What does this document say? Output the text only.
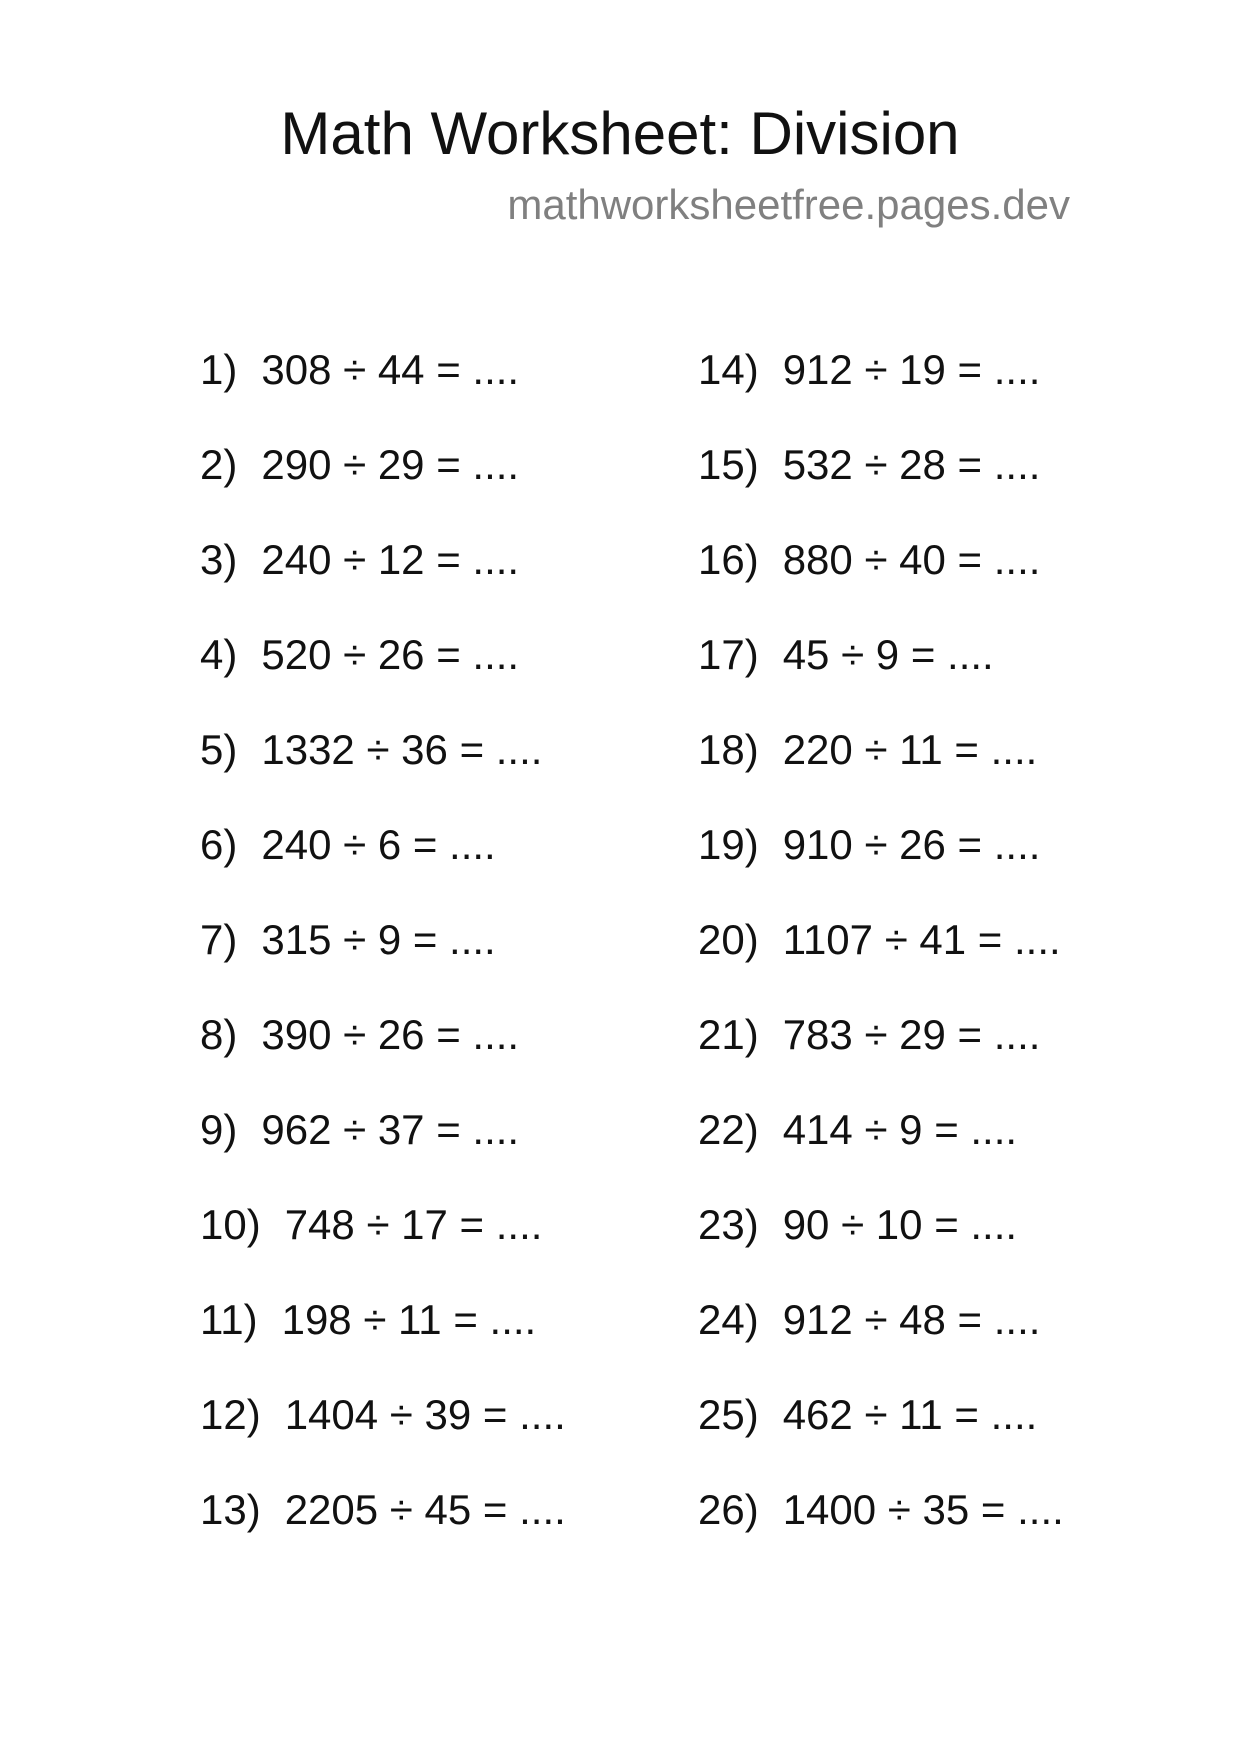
Math Worksheet: Division
mathworksheetfree.pages.dev
1) 308 ÷ 44 = ....
2) 290 ÷ 29 = ....
3) 240 ÷ 12 = ....
4) 520 ÷ 26 = ....
5) 1332 ÷ 36 = ....
6) 240 ÷ 6 = ....
7) 315 ÷ 9 = ....
8) 390 ÷ 26 = ....
9) 962 ÷ 37 = ....
10) 748 ÷ 17 = ....
11) 198 ÷ 11 = ....
12) 1404 ÷ 39 = ....
13) 2205 ÷ 45 = ....
14) 912 ÷ 19 = ....
15) 532 ÷ 28 = ....
16) 880 ÷ 40 = ....
17) 45 ÷ 9 = ....
18) 220 ÷ 11 = ....
19) 910 ÷ 26 = ....
20) 1107 ÷ 41 = ....
21) 783 ÷ 29 = ....
22) 414 ÷ 9 = ....
23) 90 ÷ 10 = ....
24) 912 ÷ 48 = ....
25) 462 ÷ 11 = ....
26) 1400 ÷ 35 = ....
